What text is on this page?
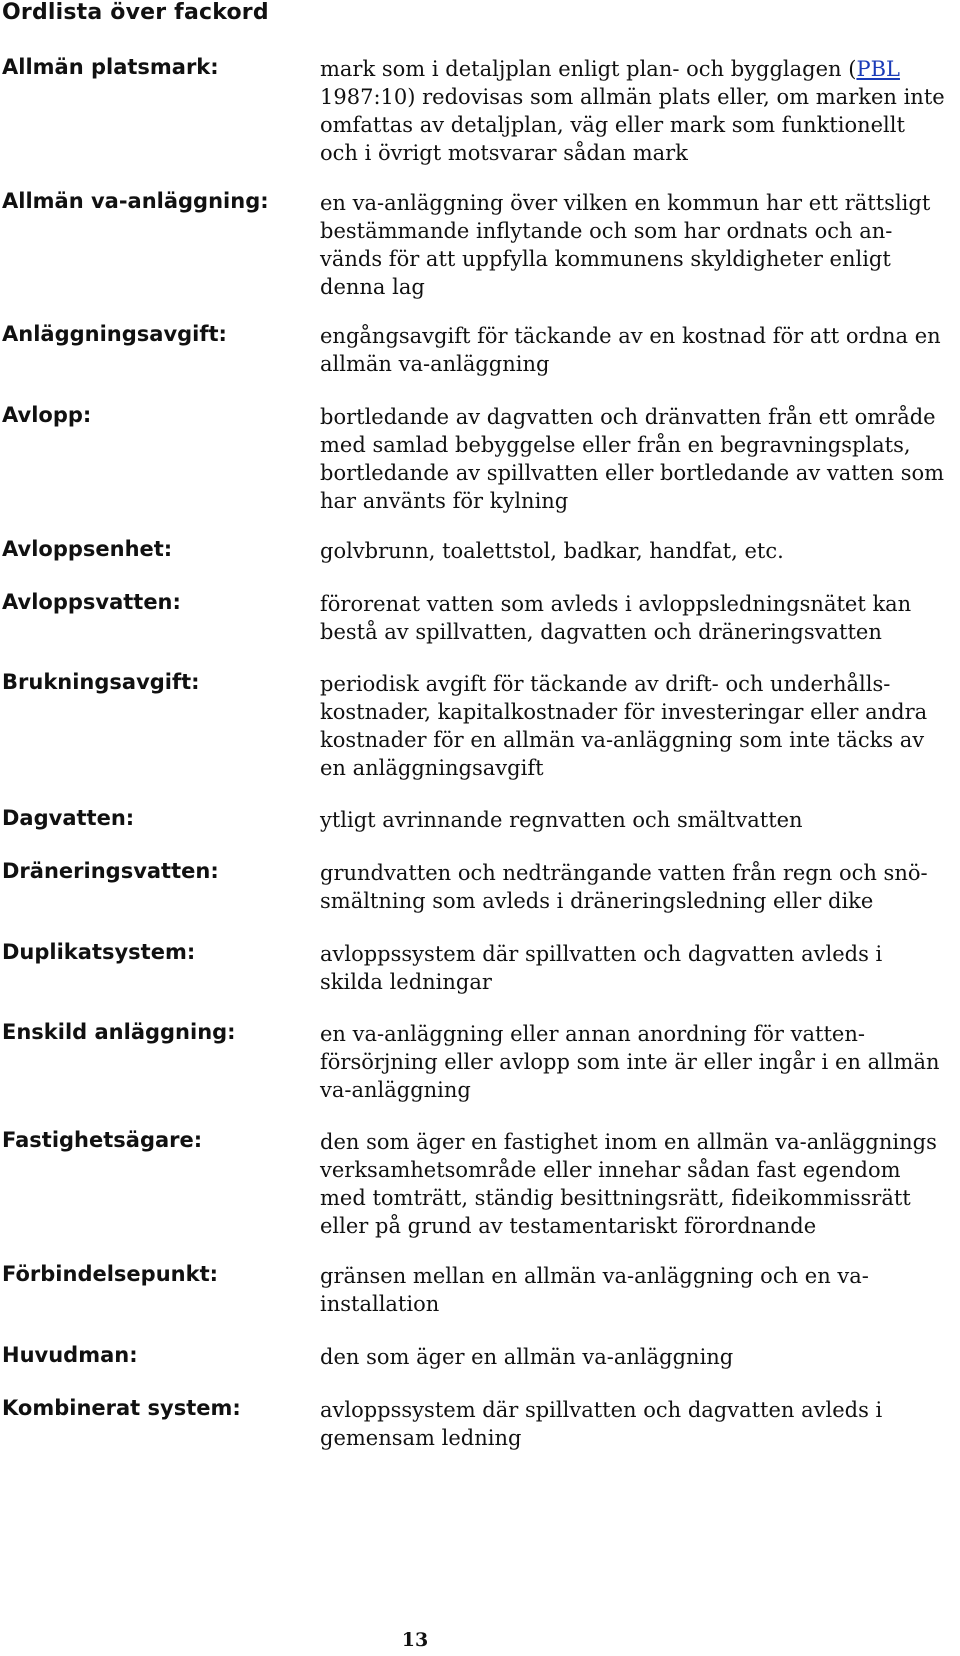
Ordlista över fackord
Allmän platsmark:	mark som i detaljplan enligt plan- och bygglagen (PBL
1987:10) redovisas som allmän plats eller, om marken inte
omfattas av detaljplan, väg eller mark som funktionellt
och i övrigt motsvarar sådan mark
Allmän va-anläggning: en va-anläggning över vilken en kommun har ett rättsligt
bestämmande inflytande och som har ordnats och an-
vänds för att uppfylla kommunens skyldigheter enligt
denna lag
Anläggningsavgift:	engångsavgift för täckande av en kostnad för att ordna en
allmän va-anläggning
Avlopp:	bortledande av dagvatten och dränvatten från ett område
med samlad bebyggelse eller från en begravningsplats,
bortledande av spillvatten eller bortledande av vatten som
har använts för kylning
Avloppsenhet:	golvbrunn, toalettstol, badkar, handfat, etc.
Avloppsvatten:	förorenat vatten som avleds i avloppsledningsnätet kan
bestå av spillvatten, dagvatten och dräneringsvatten
Brukningsavgift:	periodisk avgift för täckande av drift- och underhålls-
kostnader, kapitalkostnader för investeringar eller andra
kostnader för en allmän va-anläggning som inte täcks av
en anläggningsavgift
Dagvatten:	ytligt avrinnande regnvatten och smältvatten
Dräneringsvatten:	grundvatten och nedträngande vatten från regn och snö-
smältning som avleds i dräneringsledning eller dike
Duplikatsystem:	avloppssystem där spillvatten och dagvatten avleds i
skilda ledningar
Enskild anläggning:	en va-anläggning eller annan anordning för vatten-
försörjning eller avlopp som inte är eller ingår i en allmän
va-anläggning
Fastighetsägare:	den som äger en fastighet inom en allmän va-anläggnings
verksamhetsområde eller innehar sådan fast egendom
med tomträtt, ständig besittningsrätt, fideikommissrätt
eller på grund av testamentariskt förordnande
Förbindelsepunkt:	gränsen mellan en allmän va-anläggning och en va-
installation
Huvudman:	den som äger en allmän va-anläggning
Kombinerat system:	avloppssystem där spillvatten och dagvatten avleds i
gemensam ledning
13
